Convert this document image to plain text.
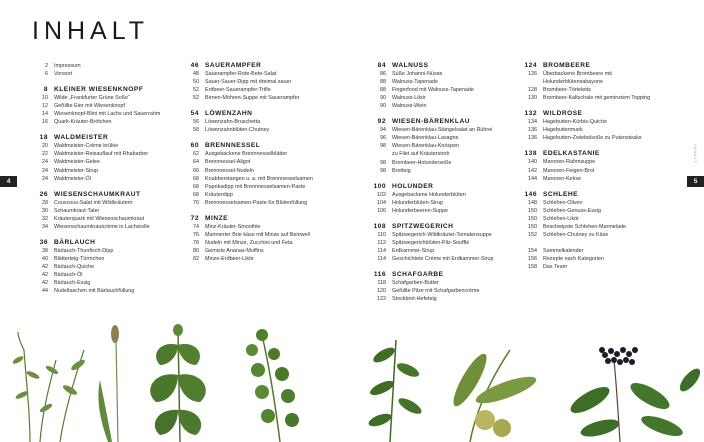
INHALT
INHALT
4	5
2 Impressum
6 Vorwort
8 KLEINER WIESENKNOPF
10 Wilde „Frankfurter Grüne Soße“
12 Gefüllte Eier mit Wiesenknopf
14 Wiesenknopf-Blini mit Lachs und Sauerrahm
16 Quark-Kräuter-Brötchen
18 WALDMEISTER
20 Waldmeister-Crème brûlée
22 Waldmeister-Reisauflauf mit Rhabarber
24 Waldmeister-Gelee
24 Waldmeister-Sirup
24 Waldmeister-Öl
26 WIESENSCHAUMKRAUT
28 Couscous-Salat mit Wildkräutern
30 Schaumkraut-Taler
32 Kräuterquark mit Wiesenschaumkraut
34 Wiesenschaumkrautcrème in Lachsrolle
36 BÄRLAUCH
38 Bärlauch-Thunfisch-Dipp
40 Blätterteig-Türmchen
42 Bärlauch-Quiche
42 Bärlauch-Öl
42 Bärlauch-Essig
44 Nudeltaschen mit Bärlauchfüllung
46 SAUERAMPFER
48 Sauerampfer-Rote-Bete-Salat
50 Sauer-Sauer-Dipp mit dreimal sauer
52 Erdbeer-Sauerampfer-Trifle
52 Birnen-Möhren-Suppe mit Sauerampfer
54 LÖWENZAHN
56 Löwenzahn-Bruschetta
58 Löwenzahnblüten-Chutney
60 BRENNNESSEL
62 Ausgebackene Brennnesselblätter
64 Brennnessel-Aligot
66 Brennnessel-Nudeln
68 Knabberstangen u. a. mit Brennnesselsamen
68 Paprikadipp mit Brennnesselsamen-Paste
68 Kräuterdipp
70 Brennnesselsamen-Paste für Blütenfüllung
72 MINZE
74 Minz-Kräuter-Smoothie
76 Marinierter Brie käse mit Minze auf Beinwell
78 Nudeln mit Minze, Zucchini und Feta
80 Gemixte Ananas-Muffins
82 Minze-Erdbeer-Likör
84 WALNUSS
86 Süße Johanni-Nüsse
88 Walnuss-Tapenade
88 Fingerfood mit Walnuss-Tapenade
90 Walnuss-Likör
90 Walnuss-Wein
92 WIESEN-BÄRENKLAU
94 Wiesen-Bärenklau-Stängelsalat an Rührei
96 Wiesen-Bärenklau-Lasagne
98 Wiesen-Bärenklau-Knöspen
zu Filet auf Kräuterstroh
98 Brombeer-Holundersoße
98 Brotteig
100 HOLUNDER
102 Ausgebackene Holunderblüten
104 Holunderblüten-Sirup
106 Holunderbeeren-Suppe
108 SPITZWEGERICH
110 Spitzwegerich-Wildkräuter-Tomatensuppe
112 Spitzwegerichblüten-Pilz-Soufflé
114 Erdkammer-Sirup
114 Geschichtete Crème mit Erdkammer-Sirup
116 SCHAFGARBE
118 Schafgarben-Butter
120 Gefüllte Pilze mit Schafgarbencrème
122 Stockbrot-Hefeteig
124 BROMBEERE
126 Überbackene Brombeere mit
Holunderblütensabayone
128 Brombeer-Törteletts
130 Brombeer-Kaltschale mit geminztem Topping
132 WILDROSE
134 Hagebutten-Kürbis-Quiche
136 Hagebuttenmark
136 Hagebutten-Zwiebelsoße zu Putensteaks
138 EDELKASTANIE
140 Maronen-Rahmsuppe
142 Maronen-Feigen-Brot
144 Maronen-Kekse
146 SCHLEHE
148 Schlehen-Oliven
150 Schlehen-Genuss-Essig
150 Schlehen-Likör
150 Beschwipste Schlehen-Marmelade
152 Schlehen-Chutney zu Käse
154 Sammelkalender
156 Rezepte nach Kategorien
158 Das Team
